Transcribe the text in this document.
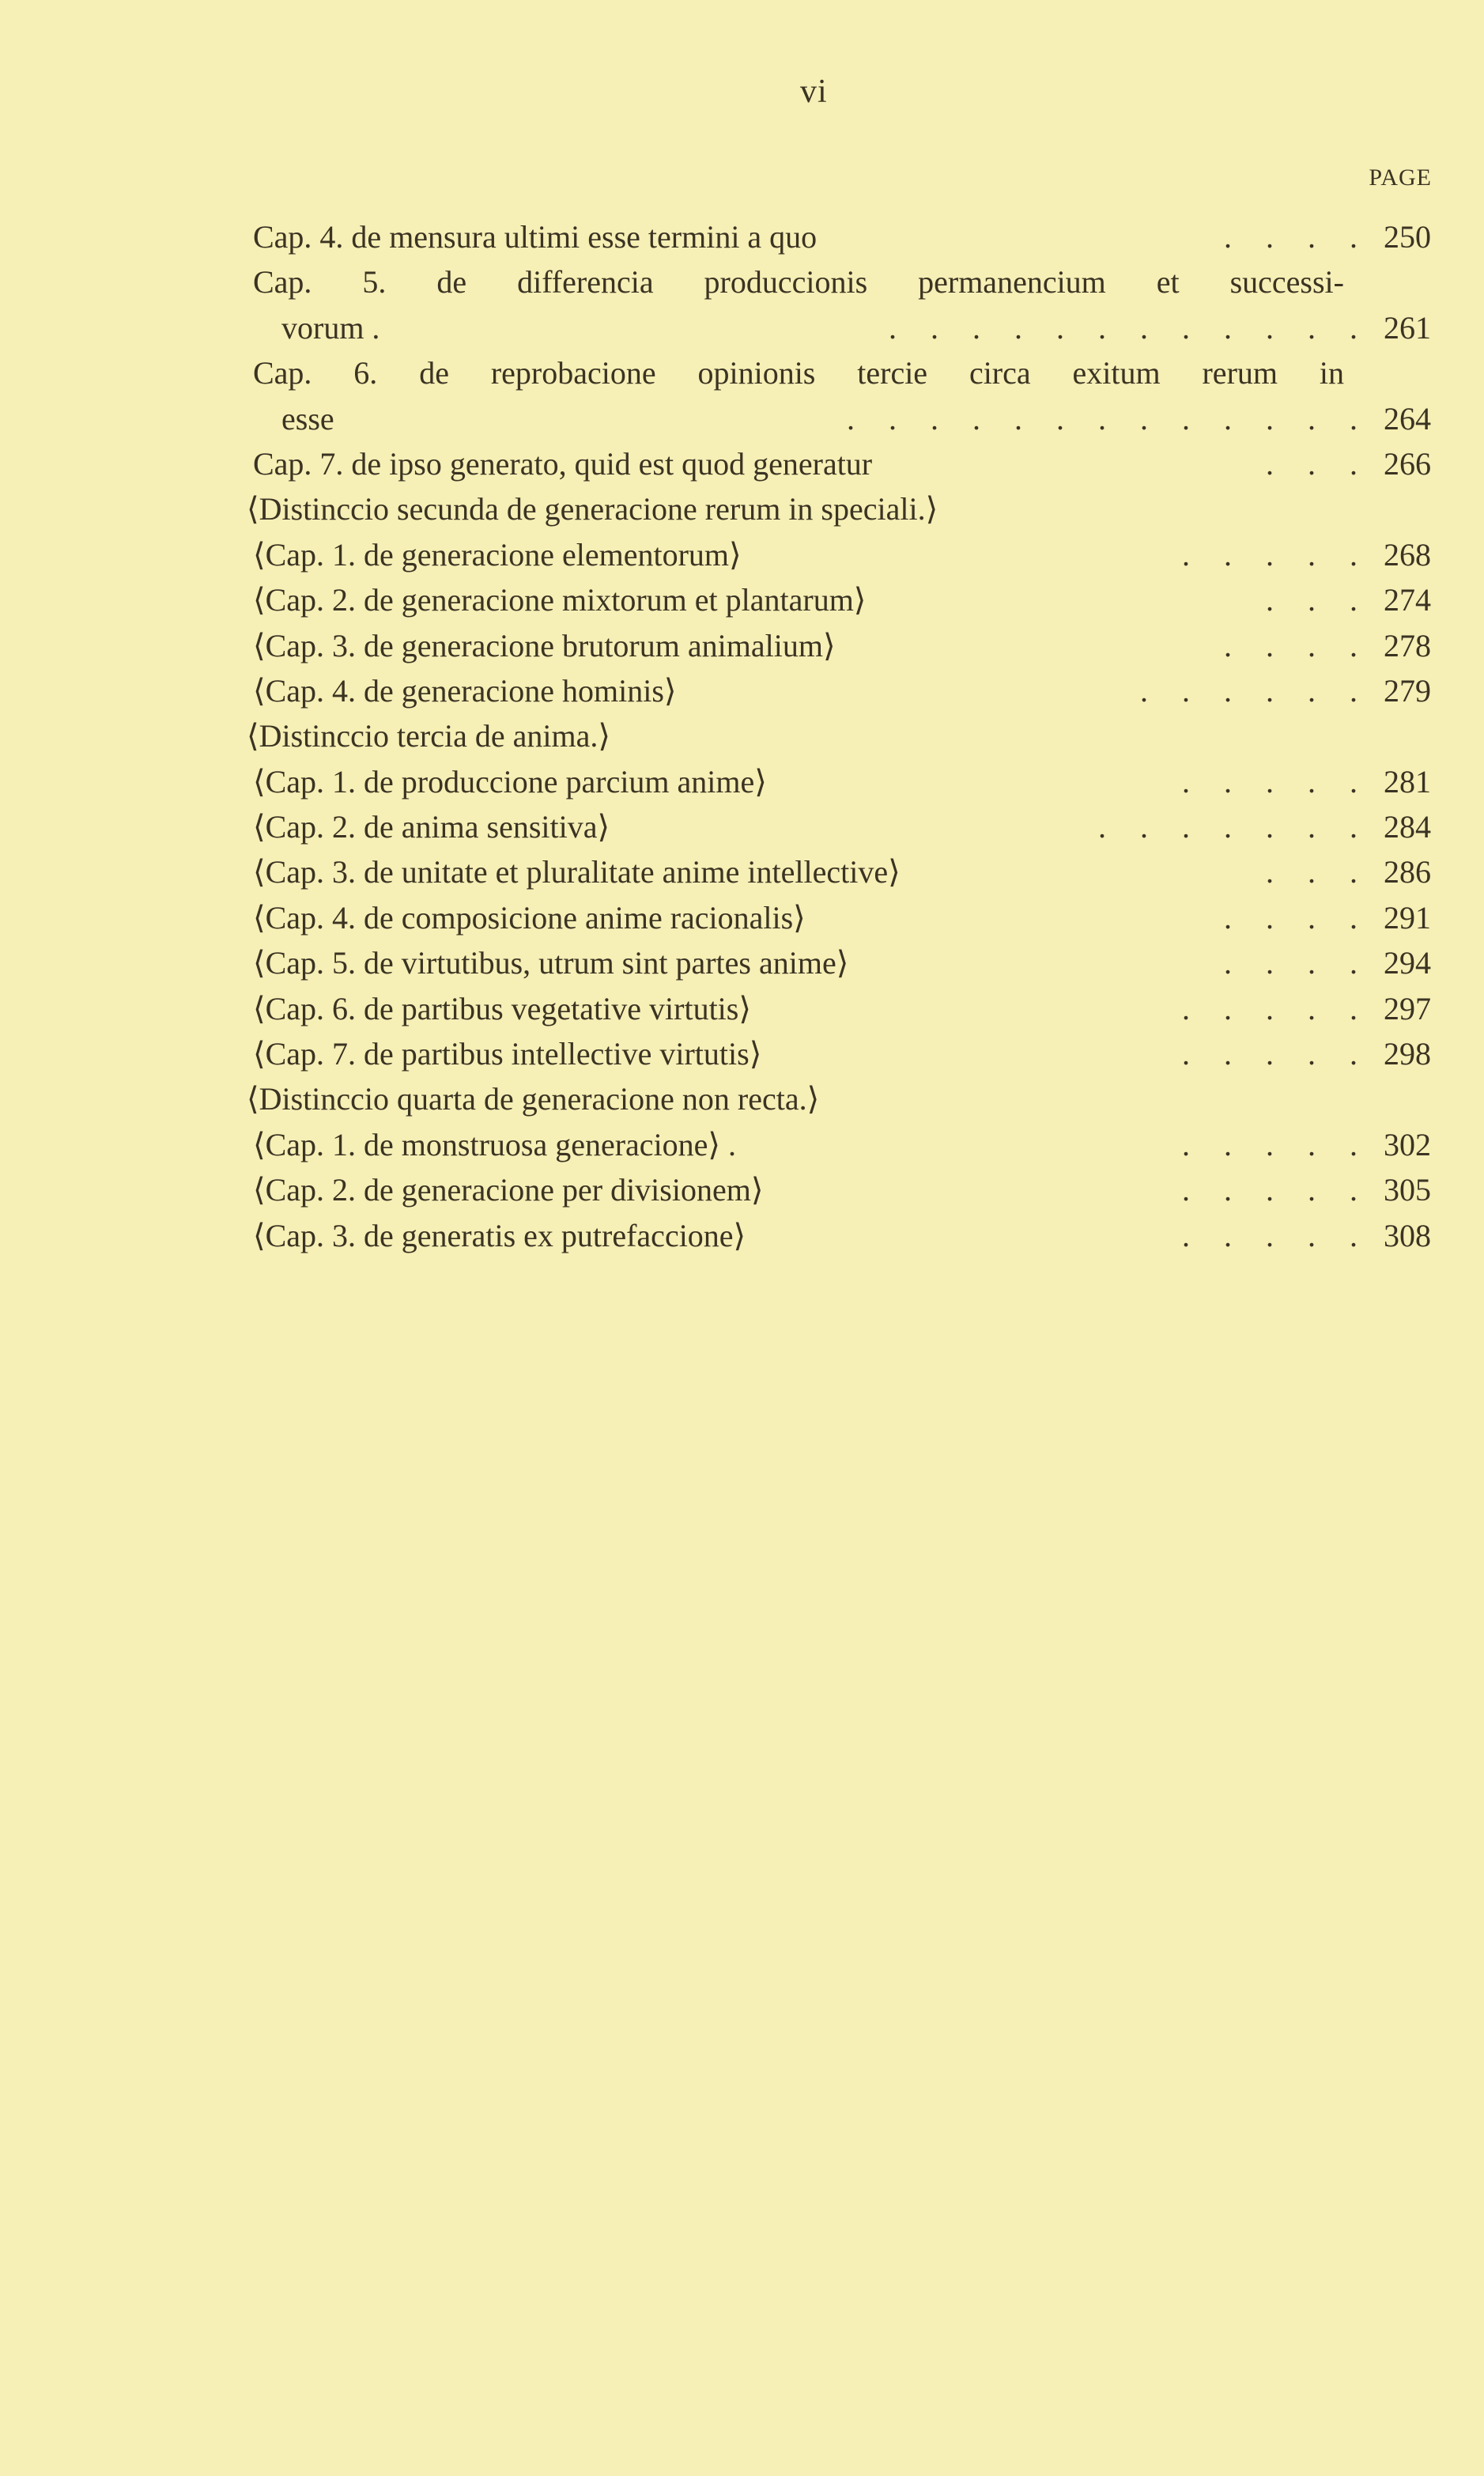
vi
PAGE
Cap. 4. de mensura ultimi esse termini a quo	. . . . 250
Cap. 5. de differencia produccionis permanencium et successi-
vorum .	. . . . . . . . . . . . 261
Cap. 6. de reprobacione opinionis tercie circa exitum rerum in
esse	. . . . . . . . . . . . . 264
Cap. 7. de ipso generato, quid est quod generatur	. . . 266
⟨Distinccio secunda de generacione rerum in speciali.⟩
⟨Cap. 1. de generacione elementorum⟩	. . . . . 268
⟨Cap. 2. de generacione mixtorum et plantarum⟩	. . . 274
⟨Cap. 3. de generacione brutorum animalium⟩	. . . . 278
⟨Cap. 4. de generacione hominis⟩	. . . . . . 279
⟨Distinccio tercia de anima.⟩
⟨Cap. 1. de produccione parcium anime⟩	. . . . . 281
⟨Cap. 2. de anima sensitiva⟩	. . . . . . . 284
⟨Cap. 3. de unitate et pluralitate anime intellective⟩	. . . 286
⟨Cap. 4. de composicione anime racionalis⟩	. . . . 291
⟨Cap. 5. de virtutibus, utrum sint partes anime⟩	. . . . 294
⟨Cap. 6. de partibus vegetative virtutis⟩	. . . . . 297
⟨Cap. 7. de partibus intellective virtutis⟩	. . . . . 298
⟨Distinccio quarta de generacione non recta.⟩
⟨Cap. 1. de monstruosa generacione⟩ .	. . . . . 302
⟨Cap. 2. de generacione per divisionem⟩	. . . . . 305
⟨Cap. 3. de generatis ex putrefaccione⟩	. . . . . 308
